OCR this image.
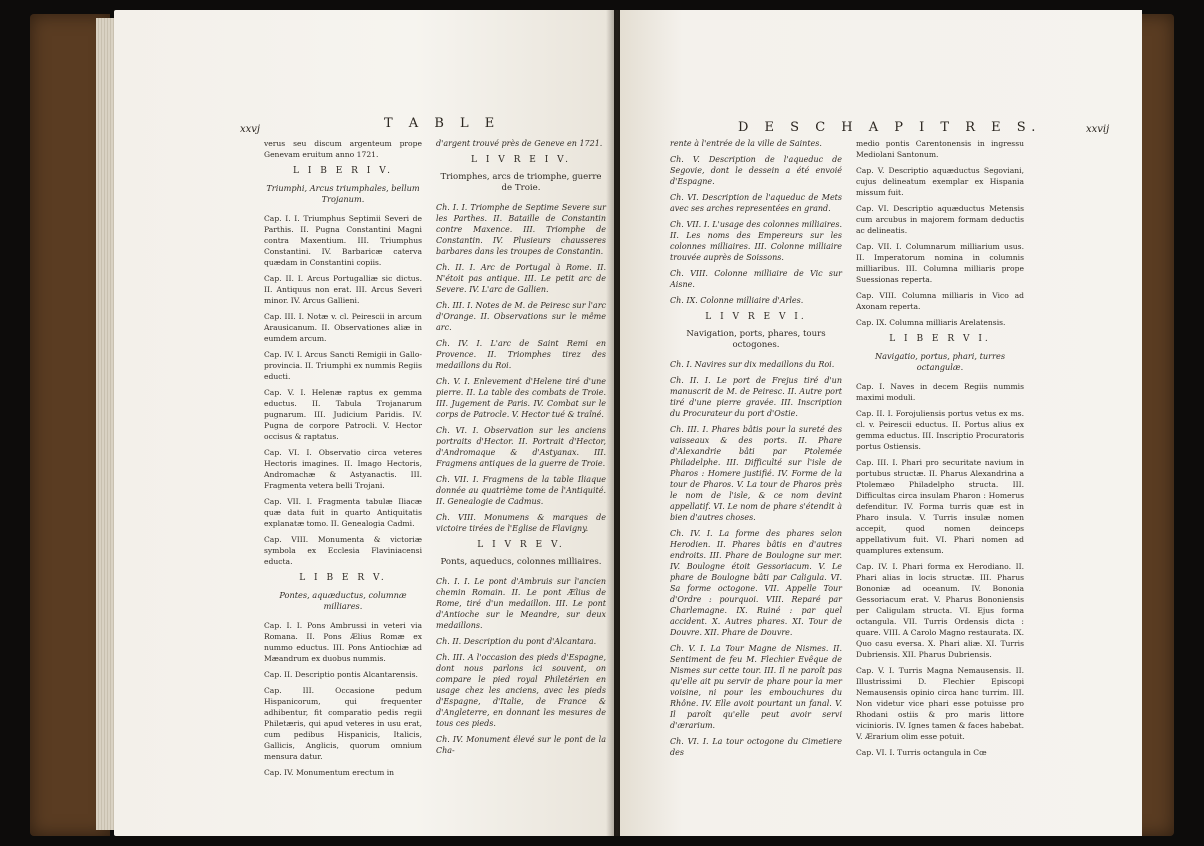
xxvj	T A B L E
verus seu discum argenteum prope Genevam eruitum anno 1721.
L I B E R I V.
Triumphi, Arcus triumphales, bellum Trojanum.
Cap. I. I. Triumphus Septimii Severi de Parthis. II. Pugna Constantini Magni contra Maxentium. III. Triumphus Constantini. IV. Barbaricæ caterva quædam in Constantini copiis.
Cap. II. I. Arcus Portugalliæ sic dictus. II. Antiquus non erat. III. Arcus Severi minor. IV. Arcus Gallieni.
Cap. III. I. Notæ v. cl. Peirescii in arcum Arausicanum. II. Observationes aliæ in eumdem arcum.
Cap. IV. I. Arcus Sancti Remigii in Gallo-provincia. II. Triumphi ex nummis Regiis educti.
Cap. V. I. Helenæ raptus ex gemma eductus. II. Tabula Trojanarum pugnarum. III. Judicium Paridis. IV. Pugna de corpore Patrocli. V. Hector occisus & raptatus.
Cap. VI. I. Observatio circa veteres Hectoris imagines. II. Imago Hectoris, Andromachæ & Astyanactis. III. Fragmenta vetera belli Trojani.
Cap. VII. I. Fragmenta tabulæ Iliacæ quæ data fuit in quarto Antiquitatis explanatæ tomo. II. Genealogia Cadmi.
Cap. VIII. Monumenta & victoriæ symbola ex Ecclesia Flaviniacensi educta.
L I B E R V.
Pontes, aquæductus, columnæ milliares.
Cap. I. I. Pons Ambrussi in veteri via Romana. II. Pons Ælius Romæ ex nummo eductus. III. Pons Antiochiæ ad Mæandrum ex duobus nummis.
Cap. II. Descriptio pontis Alcantarensis.
Cap. III. Occasione pedum Hispanicorum, qui frequenter adhibentur, fit comparatio pedis regii Philetæris, qui apud veteres in usu erat, cum pedibus Hispanicis, Italicis, Gallicis, Anglicis, quorum omnium mensura datur.
Cap. IV. Monumentum erectum in
d'argent trouvé près de Geneve en 1721.
L I V R E I V.
Triomphes, arcs de triomphe, guerre de Troie.
Ch. I. I. Triomphe de Septime Severe sur les Parthes. II. Bataille de Constantin contre Maxence. III. Triomphe de Constantin. IV. Plusieurs chausseres barbares dans les troupes de Constantin.
Ch. II. I. Arc de Portugal à Rome. II. N'étoit pas antique. III. Le petit arc de Severe. IV. L'arc de Gallien.
Ch. III. I. Notes de M. de Peiresc sur l'arc d'Orange. II. Observations sur le même arc.
Ch. IV. I. L'arc de Saint Remi en Provence. II. Triomphes tirez des medaillons du Roi.
Ch. V. I. Enlevement d'Helene tiré d'une pierre. II. La table des combats de Troie. III. Jugement de Paris. IV. Combat sur le corps de Patrocle. V. Hector tué & traîné.
Ch. VI. I. Observation sur les anciens portraits d'Hector. II. Portrait d'Hector, d'Andromaque & d'Astyanax. III. Fragmens antiques de la guerre de Troie.
Ch. VII. I. Fragmens de la table Iliaque donnée au quatrième tome de l'Antiquité. II. Genealogie de Cadmus.
Ch. VIII. Monumens & marques de victoire tirées de l'Eglise de Flavigny.
L I V R E V.
Ponts, aqueducs, colonnes milliaires.
Ch. I. I. Le pont d'Ambruis sur l'ancien chemin Romain. II. Le pont Ælius de Rome, tiré d'un medaillon. III. Le pont d'Antioche sur le Meandre, sur deux medaillons.
Ch. II. Description du pont d'Alcantara.
Ch. III. A l'occasion des pieds d'Espagne, dont nous parlons ici souvent, on compare le pied royal Philetérien en usage chez les anciens, avec les pieds d'Espagne, d'Italie, de France & d'Angleterre, en donnant les mesures de tous ces pieds.
Ch. IV. Monument élevé sur le pont de la Cha-
D E S C H A P I T R E S.	xxvij
rente à l'entrée de la ville de Saintes.
Ch. V. Description de l'aqueduc de Segovie, dont le dessein a été envoié d'Espagne.
Ch. VI. Description de l'aqueduc de Mets avec ses arches representées en grand.
Ch. VII. I. L'usage des colonnes milliaires. II. Les noms des Empereurs sur les colonnes milliaires. III. Colonne milliaire trouvée auprès de Soissons.
Ch. VIII. Colonne milliaire de Vic sur Aisne.
Ch. IX. Colonne milliaire d'Arles.
L I V R E V I.
Navigation, ports, phares, tours octogones.
Ch. I. Navires sur dix medaillons du Roi.
Ch. II. I. Le port de Frejus tiré d'un manuscrit de M. de Peiresc. II. Autre port tiré d'une pierre gravée. III. Inscription du Procurateur du port d'Ostie.
Ch. III. I. Phares bâtis pour la sureté des vaisseaux & des ports. II. Phare d'Alexandrie bâti par Ptolemée Philadelphe. III. Difficulté sur l'isle de Pharos : Homere justifié. IV. Forme de la tour de Pharos. V. La tour de Pharos près le nom de l'isle, & ce nom devint appellatif. VI. Le nom de phare s'étendit à bien d'autres choses.
Ch. IV. I. La forme des phares selon Herodien. II. Phares bâtis en d'autres endroits. III. Phare de Boulogne sur mer. IV. Boulogne étoit Gessoriacum. V. Le phare de Boulogne bâti par Caligula. VI. Sa forme octogone. VII. Appelle Tour d'Ordre : pourquoi. VIII. Reparé par Charlemagne. IX. Ruiné : par quel accident. X. Autres phares. XI. Tour de Douvre. XII. Phare de Douvre.
Ch. V. I. La Tour Magne de Nismes. II. Sentiment de feu M. Flechier Evêque de Nismes sur cette tour. III. Il ne paroît pas qu'elle ait pu servir de phare pour la mer voisine, ni pour les embouchures du Rhône. IV. Elle avoit pourtant un fanal. V. Il paroît qu'elle peut avoir servi d'ærarium.
Ch. VI. I. La tour octogone du Cimetiere des
medio pontis Carentonensis in ingressu Mediolani Santonum.
Cap. V. Descriptio aquæductus Segoviani, cujus delineatum exemplar ex Hispania missum fuit.
Cap. VI. Descriptio aquæductus Metensis cum arcubus in majorem formam deductis ac delineatis.
Cap. VII. I. Columnarum milliarium usus. II. Imperatorum nomina in columnis milliaribus. III. Columna milliaris prope Suessionas reperta.
Cap. VIII. Columna milliaris in Vico ad Axonam reperta.
Cap. IX. Columna milliaris Arelatensis.
L I B E R V I.
Navigatio, portus, phari, turres octangulæ.
Cap. I. Naves in decem Regiis nummis maximi moduli.
Cap. II. I. Forojuliensis portus vetus ex ms. cl. v. Peirescii eductus. II. Portus alius ex gemma eductus. III. Inscriptio Procuratoris portus Ostiensis.
Cap. III. I. Phari pro securitate navium in portubus structæ. II. Pharus Alexandrina a Ptolemæo Philadelpho structa. III. Difficultas circa insulam Pharon : Homerus defenditur. IV. Forma turris quæ est in Pharo insula. V. Turris insulæ nomen accepit, quod nomen deinceps appellativum fuit. VI. Phari nomen ad quamplures extensum.
Cap. IV. I. Phari forma ex Herodiano. II. Phari alias in locis structæ. III. Pharus Bononiæ ad oceanum. IV. Bononia Gessoriacum erat. V. Pharus Bononiensis per Caligulam structa. VI. Ejus forma octangula. VII. Turris Ordensis dicta : quare. VIII. A Carolo Magno restaurata. IX. Quo casu eversa. X. Phari aliæ. XI. Turris Dubriensis. XII. Pharus Dubriensis.
Cap. V. I. Turris Magna Nemausensis. II. Illustrissimi D. Flechier Episcopi Nemausensis opinio circa hanc turrim. III. Non videtur vice phari esse potuisse pro Rhodani ostiis & pro maris littore vicinioris. IV. Ignes tamen & faces habebat. V. Ærarium olim esse potuit.
Cap. VI. I. Turris octangula in Cœ
